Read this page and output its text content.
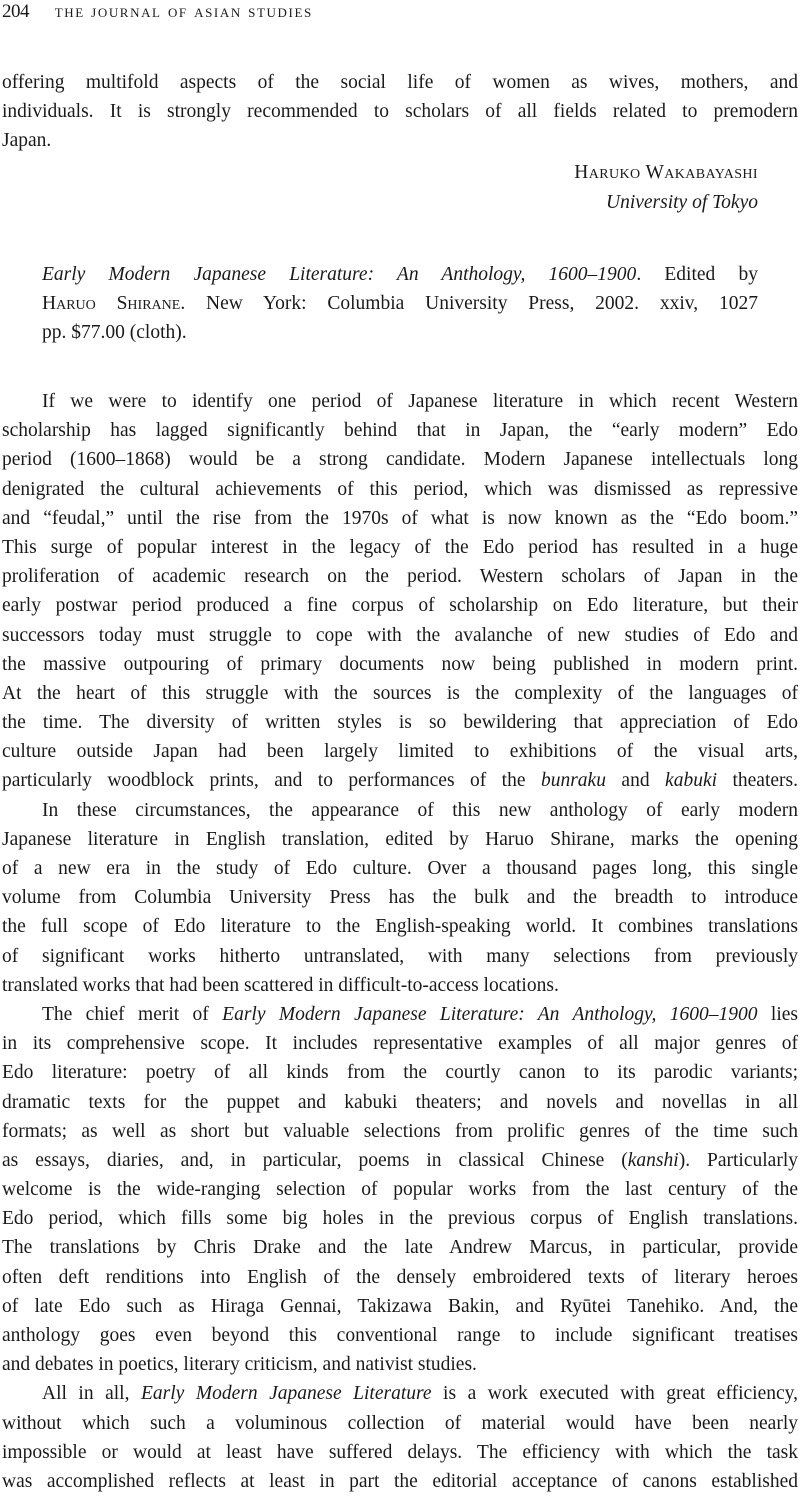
204 the journal of asian studies
offering multifold aspects of the social life of women as wives, mothers, and
individuals. It is strongly recommended to scholars of all fields related to premodern
Japan.
Haruko Wakabayashi
University of Tokyo
Early Modern Japanese Literature: An Anthology, 1600–1900. Edited by
Haruo Shirane. New York: Columbia University Press, 2002. xxiv, 1027
pp. $77.00 (cloth).
If we were to identify one period of Japanese literature in which recent Western
scholarship has lagged significantly behind that in Japan, the “early modern” Edo
period (1600–1868) would be a strong candidate. Modern Japanese intellectuals long
denigrated the cultural achievements of this period, which was dismissed as repressive
and “feudal,” until the rise from the 1970s of what is now known as the “Edo boom.”
This surge of popular interest in the legacy of the Edo period has resulted in a huge
proliferation of academic research on the period. Western scholars of Japan in the
early postwar period produced a fine corpus of scholarship on Edo literature, but their
successors today must struggle to cope with the avalanche of new studies of Edo and
the massive outpouring of primary documents now being published in modern print.
At the heart of this struggle with the sources is the complexity of the languages of
the time. The diversity of written styles is so bewildering that appreciation of Edo
culture outside Japan had been largely limited to exhibitions of the visual arts,
particularly woodblock prints, and to performances of the bunraku and kabuki theaters.
In these circumstances, the appearance of this new anthology of early modern
Japanese literature in English translation, edited by Haruo Shirane, marks the opening
of a new era in the study of Edo culture. Over a thousand pages long, this single
volume from Columbia University Press has the bulk and the breadth to introduce
the full scope of Edo literature to the English-speaking world. It combines translations
of significant works hitherto untranslated, with many selections from previously
translated works that had been scattered in difficult-to-access locations.
The chief merit of Early Modern Japanese Literature: An Anthology, 1600–1900 lies
in its comprehensive scope. It includes representative examples of all major genres of
Edo literature: poetry of all kinds from the courtly canon to its parodic variants;
dramatic texts for the puppet and kabuki theaters; and novels and novellas in all
formats; as well as short but valuable selections from prolific genres of the time such
as essays, diaries, and, in particular, poems in classical Chinese (kanshi). Particularly
welcome is the wide-ranging selection of popular works from the last century of the
Edo period, which fills some big holes in the previous corpus of English translations.
The translations by Chris Drake and the late Andrew Marcus, in particular, provide
often deft renditions into English of the densely embroidered texts of literary heroes
of late Edo such as Hiraga Gennai, Takizawa Bakin, and Ryūtei Tanehiko. And, the
anthology goes even beyond this conventional range to include significant treatises
and debates in poetics, literary criticism, and nativist studies.
All in all, Early Modern Japanese Literature is a work executed with great efficiency,
without which such a voluminous collection of material would have been nearly
impossible or would at least have suffered delays. The efficiency with which the task
was accomplished reflects at least in part the editorial acceptance of canons established
